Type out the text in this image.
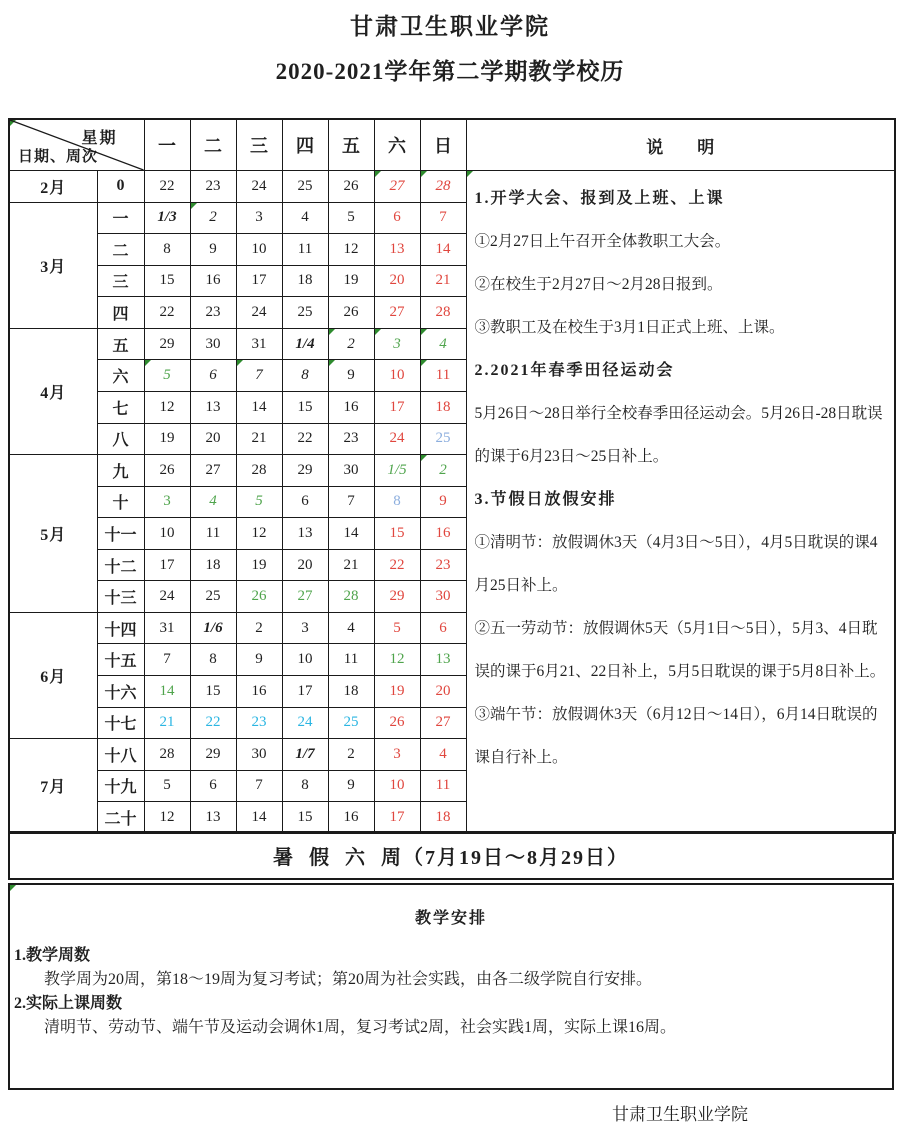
甘肃卫生职业学院
2020-2021学年第二学期教学校历
星期
日期、周次		一	二	三	四	五	六	日	说        明
2月	0	22	23	24	25	26	27	28

1.开学大会、报到及上班、上课

①2月27日上午召开全体教职工大会。

②在校生于2月27日～2月28日报到。

③教职工及在校生于3月1日正式上班、上课。

2.2021年春季田径运动会

5月26日～28日举行全校春季田径运动会。5月26日-28日耽误的课于6月23日～25日补上。

3.节假日放假安排

①清明节：放假调休3天（4月3日～5日），4月5日耽误的课4月25日补上。

②五一劳动节：放假调休5天（5月1日～5日），5月3、4日耽误的课于6月21、22日补上，5月5日耽误的课于5月8日补上。

③端午节：放假调休3天（6月12日～14日），6月14日耽误的课自行补上。

3月	一	1/3	2	3	4	5	6	7	
	二	8	9	10	11	12	13	14	
	三	15	16	17	18	19	20	21	
	四	22	23	24	25	26	27	28	
4月	五	29	30	31	1/4	2	3	4	

	六	5	6	7	8	9	10	11	

	七	12	13	14	15	16	17	18	
	八	19	20	21	22	23	24	25	
5月	九	26	27	28	29	30	1/5	2	

	十	3	4	5	6	7	8	9	
	十一	10	11	12	13	14	15	16	
	十二	17	18	19	20	21	22	23	
	十三	24	25	26	27	28	29	30	
6月	十四	31	1/6	2	3	4	5	6	
	十五	7	8	9	10	11	12	13	
	十六	14	15	16	17	18	19	20	
	十七	21	22	23	24	25	26	27	
7月	十八	28	29	30	1/7	2	3	4	
	十九	5	6	7	8	9	10	11	
	二十	12	13	14	15	16	17	18	
暑  假  六  周（7月19日～8月29日）

教学安排

1.教学周数

教学周为20周，第18～19周为复习考试；第20周为社会实践，由各二级学院自行安排。

2.实际上课周数

清明节、劳动节、端午节及运动会调休1周，复习考试2周，社会实践1周，实际上课16周。

甘肃卫生职业学院
